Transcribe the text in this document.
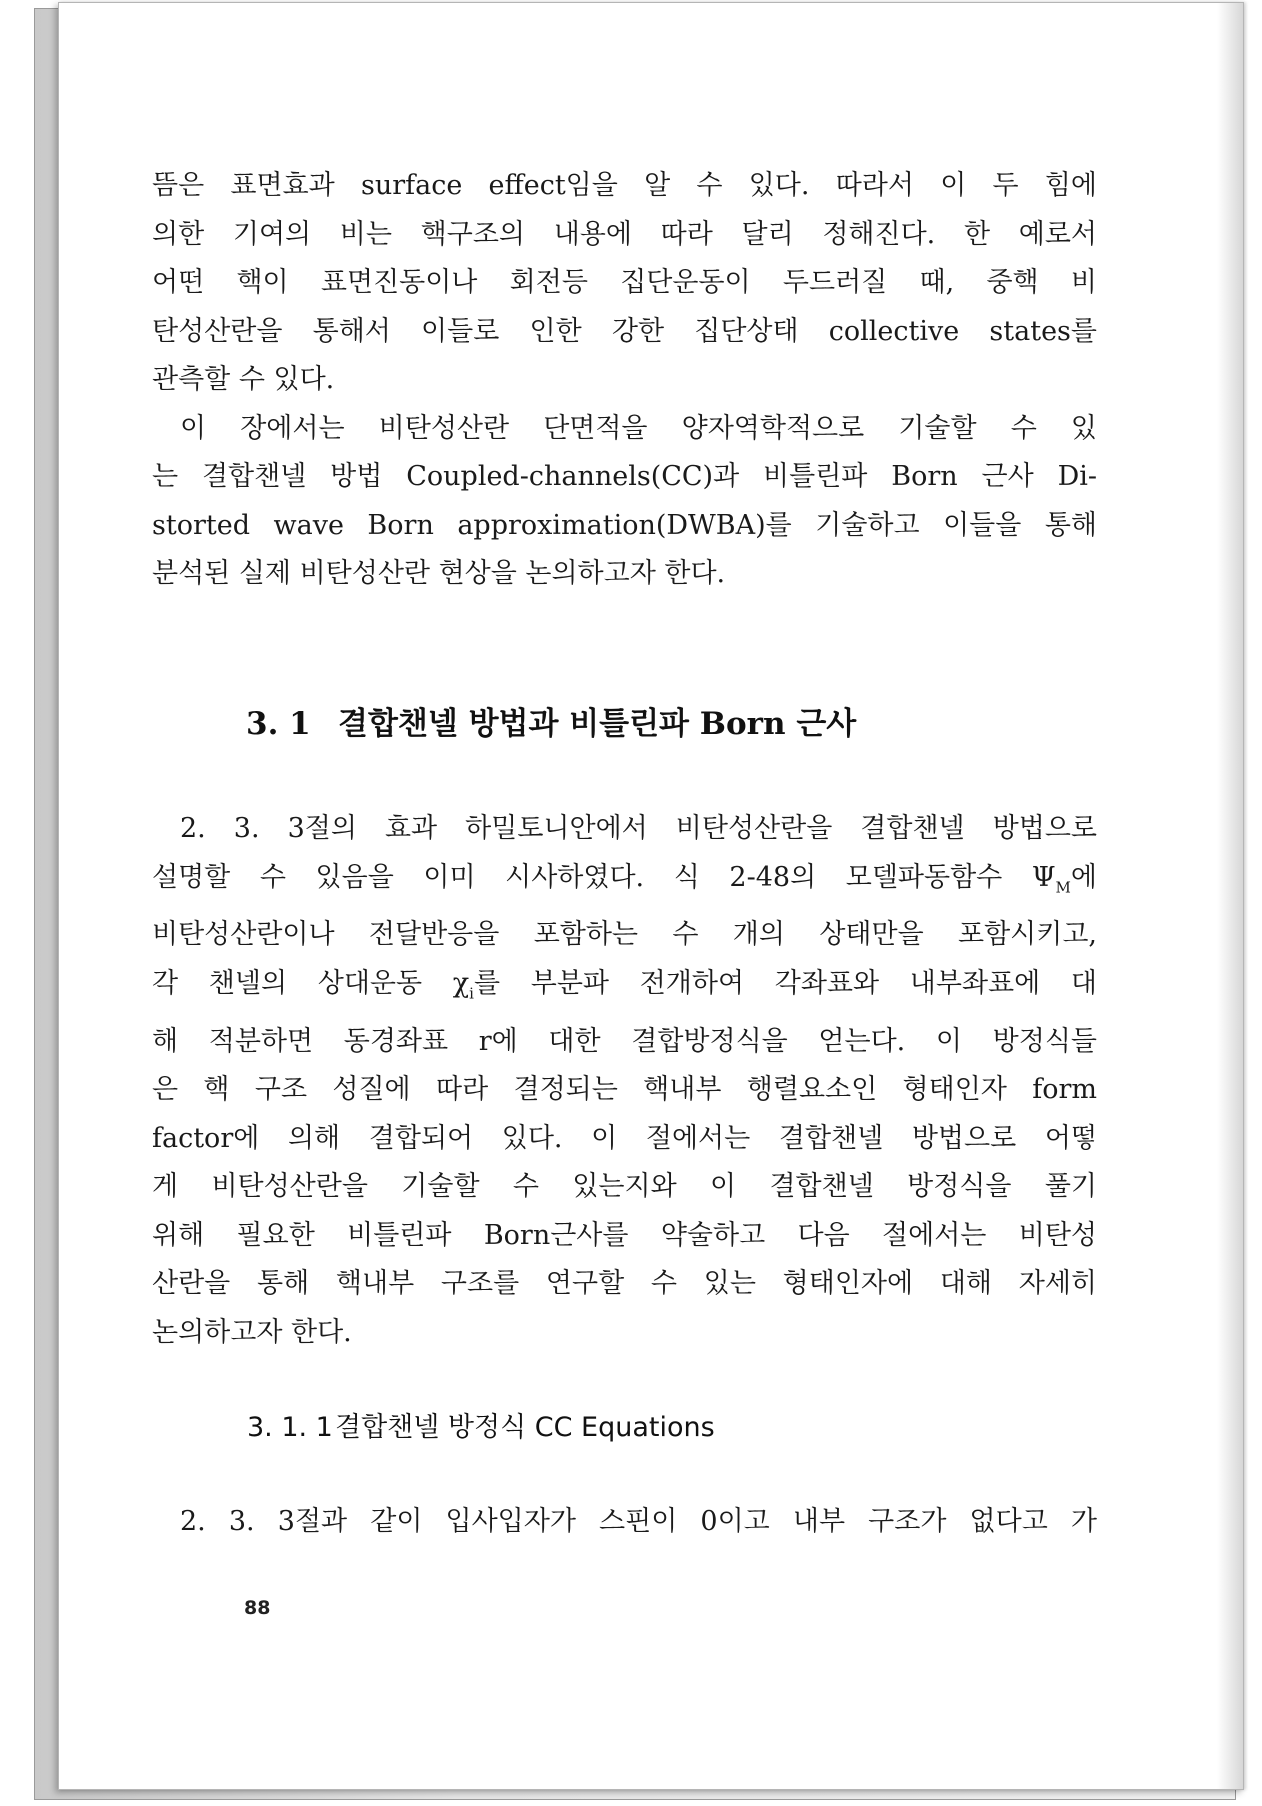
뜸은 표면효과 surface effect임을 알 수 있다. 따라서 이 두 힘에
의한 기여의 비는 핵구조의 내용에 따라 달리 정해진다. 한 예로서
어떤 핵이 표면진동이나 회전등 집단운동이 두드러질 때, 중핵 비
탄성산란을 통해서 이들로 인한 강한 집단상태 collective states를
관측할 수 있다.

이 장에서는 비탄성산란 단면적을 양자역학적으로 기술할 수 있
는 결합챈넬 방법 Coupled-channels(CC)과 비틀린파 Born 근사 Di-
storted wave Born approximation(DWBA)를 기술하고 이들을 통해
분석된 실제 비탄성산란 현상을 논의하고자 한다.

3. 1 결합챈넬 방법과 비틀린파 Born 근사

2. 3. 3절의 효과 하밀토니안에서 비탄성산란을 결합챈넬 방법으로
설명할 수 있음을 이미 시사하였다. 식 2-48의 모델파동함수 $\Psi_M$에
비탄성산란이나 전달반응을 포함하는 수 개의 상태만을 포함시키고,
각 챈넬의 상대운동 $\chi_i$를 부분파 전개하여 각좌표와 내부좌표에 대
해 적분하면 동경좌표 r에 대한 결합방정식을 얻는다. 이 방정식들
은 핵 구조 성질에 따라 결정되는 핵내부 행렬요소인 형태인자 form
factor에 의해 결합되어 있다. 이 절에서는 결합챈넬 방법으로 어떻
게 비탄성산란을 기술할 수 있는지와 이 결합챈넬 방정식을 풀기
위해 필요한 비틀린파 Born근사를 약술하고 다음 절에서는 비탄성
산란을 통해 핵내부 구조를 연구할 수 있는 형태인자에 대해 자세히
논의하고자 한다.

3. 1. 1결합챈넬 방정식 CC Equations

2. 3. 3절과 같이 입사입자가 스핀이 0이고 내부 구조가 없다고 가

88
